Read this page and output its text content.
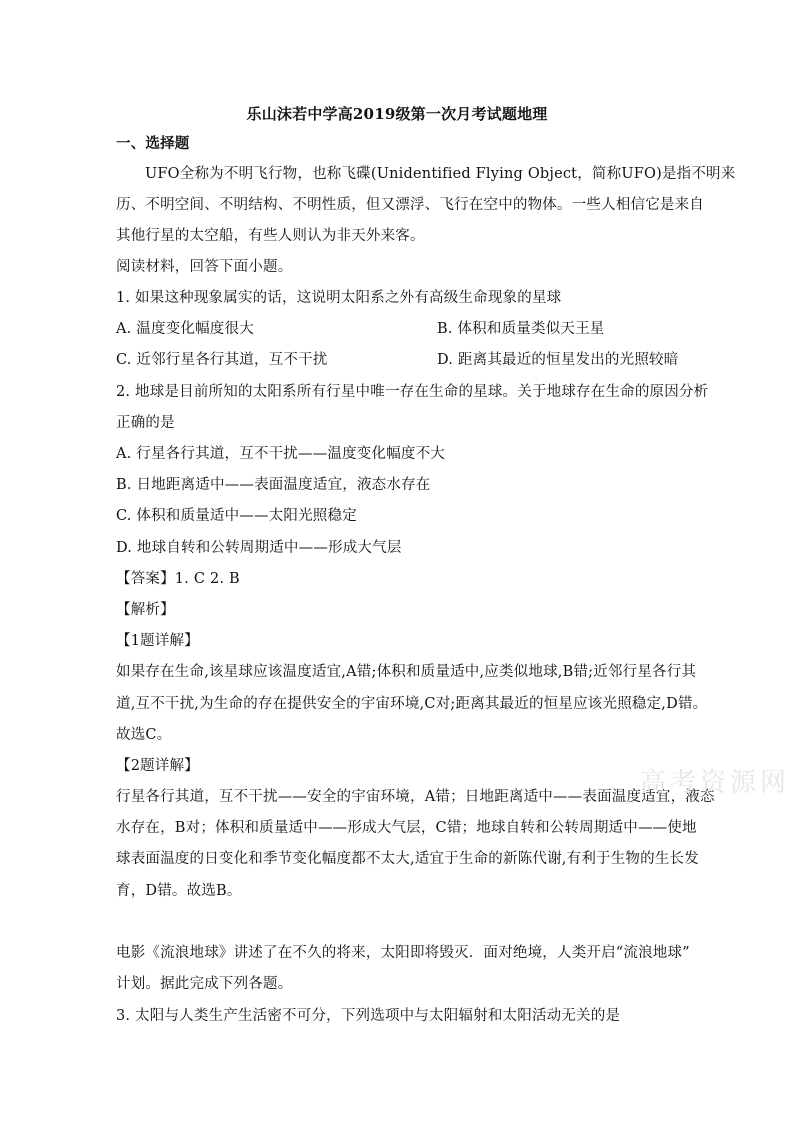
乐山沫若中学高2019级第一次月考试题地理

一、选择题

UFO全称为不明飞行物，也称飞碟(Unidentified Flying Object，简称UFO)是指不明来

历、不明空间、不明结构、不明性质，但又漂浮、飞行在空中的物体。一些人相信它是来自

其他行星的太空船，有些人则认为非天外来客。

阅读材料，回答下面小题。

1. 如果这种现象属实的话，这说明太阳系之外有高级生命现象的星球

A. 温度变化幅度很大	B. 体积和质量类似天王星

C. 近邻行星各行其道，互不干扰	D. 距离其最近的恒星发出的光照较暗

2. 地球是目前所知的太阳系所有行星中唯一存在生命的星球。关于地球存在生命的原因分析

正确的是

A. 行星各行其道，互不干扰——温度变化幅度不大

B. 日地距离适中——表面温度适宜，液态水存在

C. 体积和质量适中——太阳光照稳定

D. 地球自转和公转周期适中——形成大气层

【答案】1. C 2. B

【解析】

【1题详解】

如果存在生命,该星球应该温度适宜,A错;体积和质量适中,应类似地球,B错;近邻行星各行其

道,互不干扰,为生命的存在提供安全的宇宙环境,C对;距离其最近的恒星应该光照稳定,D错。

故选C。

【2题详解】

行星各行其道，互不干扰——安全的宇宙环境，A错；日地距离适中——表面温度适宜，液态

水存在，B对；体积和质量适中——形成大气层，C错；地球自转和公转周期适中——使地

球表面温度的日变化和季节变化幅度都不太大,适宜于生命的新陈代谢,有利于生物的生长发

育，D错。故选B。

电影《流浪地球》讲述了在不久的将来，太阳即将毁灭．面对绝境，人类开启“流浪地球”

计划。据此完成下列各题。

3. 太阳与人类生产生活密不可分，下列选项中与太阳辐射和太阳活动无关的是

高考资源网
